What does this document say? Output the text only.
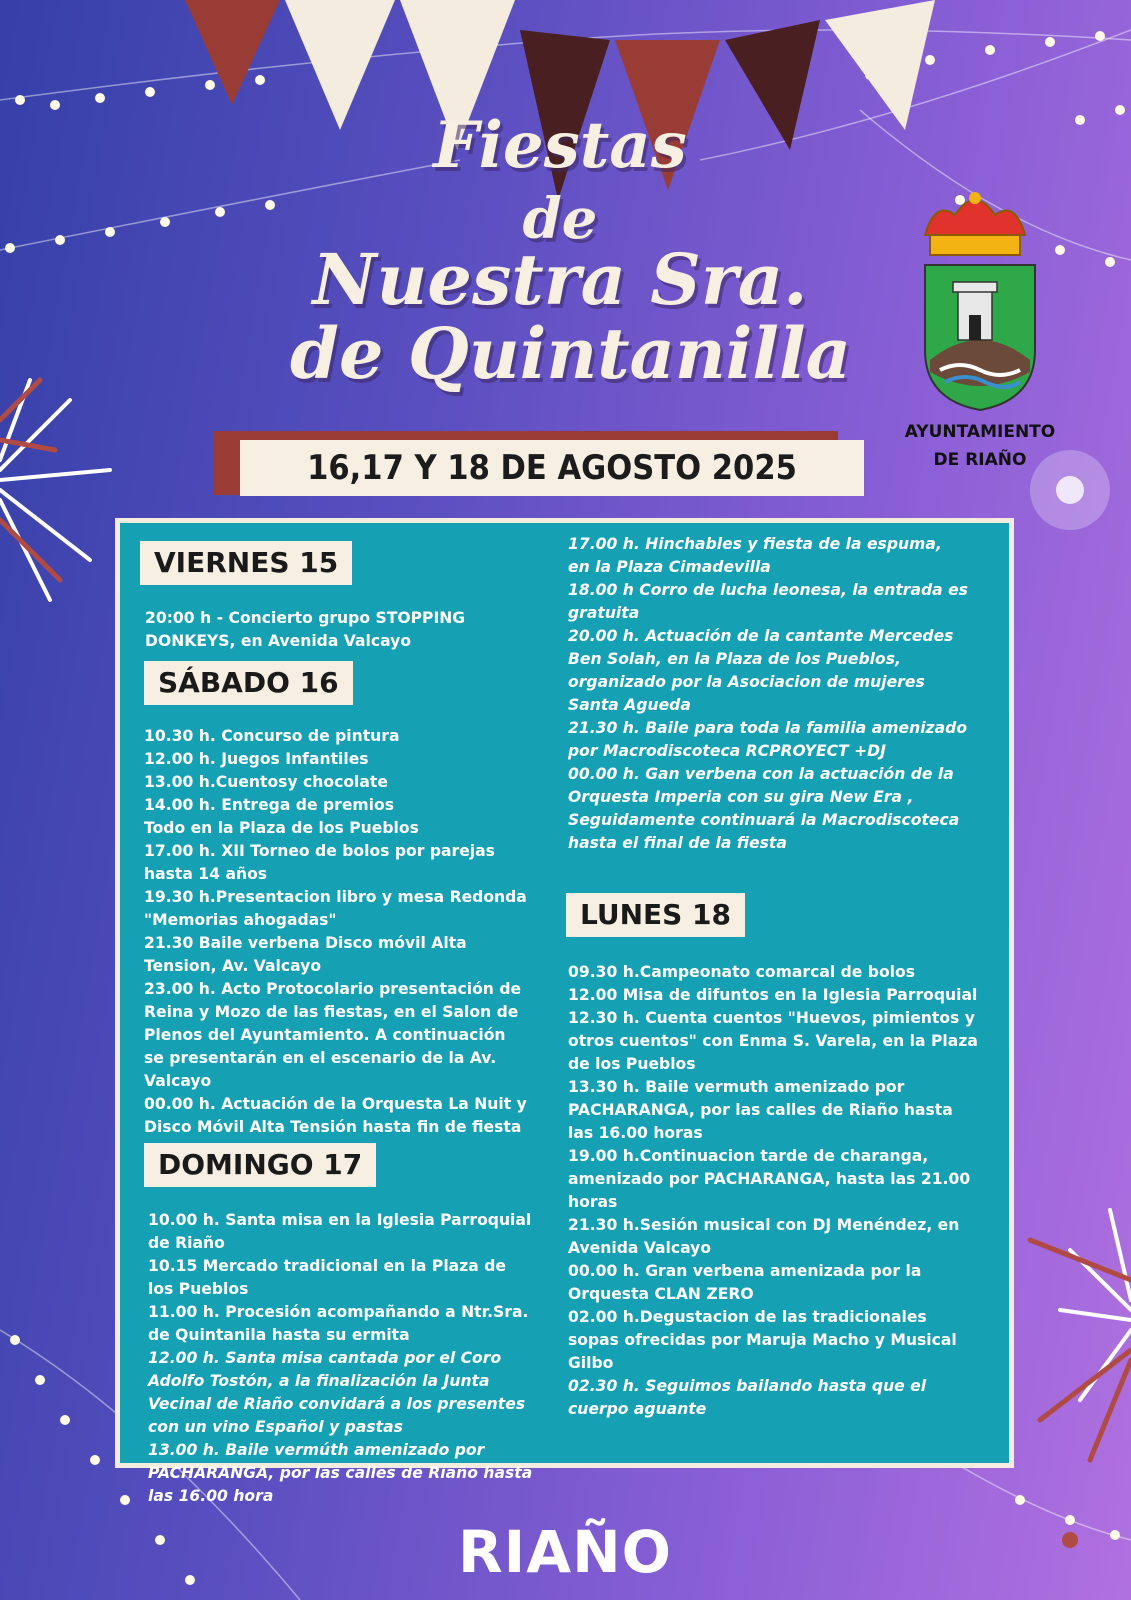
Fiestas
de
Nuestra Sra.
de Quintanilla
16,17 Y 18 DE AGOSTO 2025
AYUNTAMIENTO
DE RIAÑO
VIERNES 15
20:00 h - Concierto grupo STOPPING
DONKEYS, en Avenida Valcayo
SÁBADO 16
10.30 h. Concurso de pintura
12.00 h. Juegos Infantiles
13.00 h.Cuentosy chocolate
14.00 h. Entrega de premios
Todo en la Plaza de los Pueblos
17.00 h. XII Torneo de bolos por parejas
hasta 14 años
19.30 h.Presentacion libro y mesa Redonda
"Memorias ahogadas"
21.30 Baile verbena Disco móvil Alta
Tension, Av. Valcayo
23.00 h. Acto Protocolario presentación de
Reina y Mozo de las fiestas, en el Salon de
Plenos del Ayuntamiento. A continuación
se presentarán en el escenario de la Av.
Valcayo
00.00 h. Actuación de la Orquesta La Nuit y
Disco Móvil Alta Tensión hasta fin de fiesta
DOMINGO 17
10.00 h. Santa misa en la Iglesia Parroquial
de Riaño
10.15 Mercado tradicional en la Plaza de
los Pueblos
11.00 h. Procesión acompañando a Ntr.Sra.
de Quintanila hasta su ermita
12.00 h. Santa misa cantada por el Coro
Adolfo Tostón, a la finalización la Junta
Vecinal de Riaño convidará a los presentes
con un vino Español y pastas
13.00 h. Baile vermúth amenizado por
PACHARANGA, por las calles de Riaño hasta
las 16.00 hora
17.00 h. Hinchables y fiesta de la espuma,
en la Plaza Cimadevilla
18.00 h Corro de lucha leonesa, la entrada es
gratuita
20.00 h. Actuación de la cantante Mercedes
Ben Solah, en la Plaza de los Pueblos,
organizado por la Asociacion de mujeres
Santa Agueda
21.30 h. Baile para toda la familia amenizado
por Macrodiscoteca RCPROYECT +DJ
00.00 h. Gan verbena con la actuación de la
Orquesta Imperia con su gira New Era ,
Seguidamente continuará la Macrodiscoteca
hasta el final de la fiesta
LUNES 18
09.30 h.Campeonato comarcal de bolos
12.00 Misa de difuntos en la Iglesia Parroquial
12.30 h. Cuenta cuentos "Huevos, pimientos y
otros cuentos" con Enma S. Varela, en la Plaza
de los Pueblos
13.30 h. Baile vermuth amenizado por
PACHARANGA, por las calles de Riaño hasta
las 16.00 horas
19.00 h.Continuacion tarde de charanga,
amenizado por PACHARANGA, hasta las 21.00
horas
21.30 h.Sesión musical con DJ Menéndez, en
Avenida Valcayo
00.00 h. Gran verbena amenizada por la
Orquesta CLAN ZERO
02.00 h.Degustacion de las tradicionales
sopas ofrecidas por Maruja Macho y Musical
Gilbo
02.30 h. Seguimos bailando hasta que el
cuerpo aguante
RIAÑO
